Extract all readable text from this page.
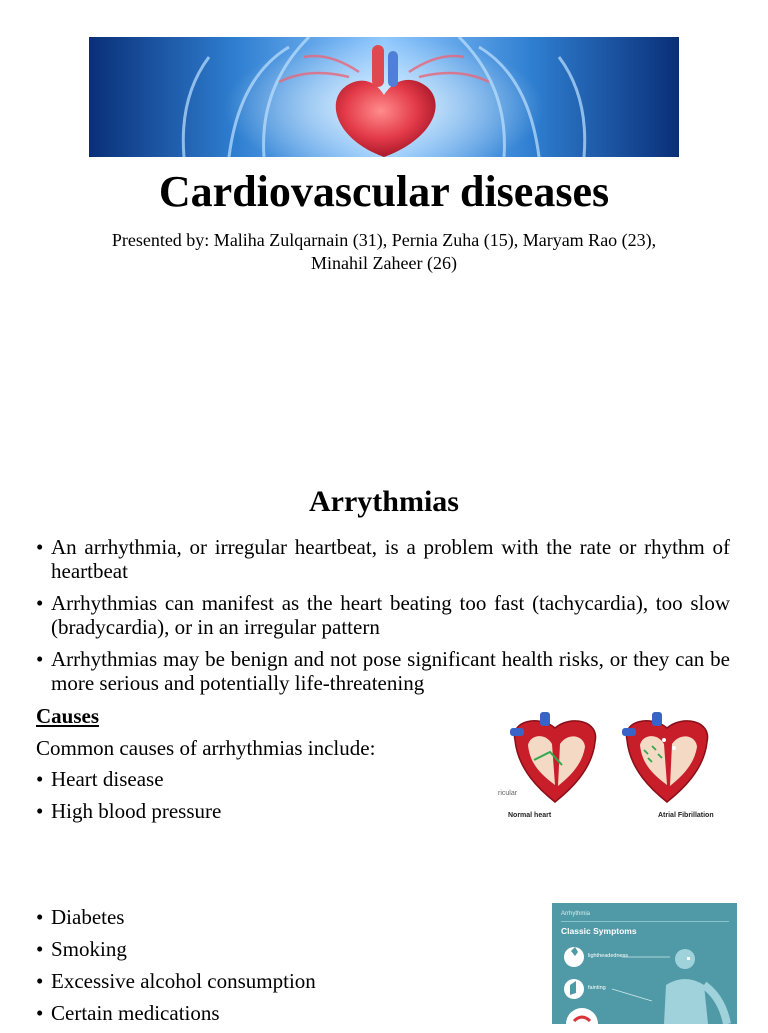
Cardiovascular diseases
Presented by: Maliha Zulqarnain (31), Pernia Zuha (15), Maryam Rao (23), Minahil Zaheer (26)
Arrythmias
• An arrhythmia, or irregular heartbeat, is a problem with the rate or rhythm of heartbeat
• Arrhythmias can manifest as the heart beating too fast (tachycardia), too slow (bradycardia), or in an irregular pattern
• Arrhythmias may be benign and not pose significant health risks, or they can be more serious and potentially life-threatening
Causes
Common causes of arrhythmias include:
• Heart disease
• High blood pressure
ricular
Normal heart	Atrial Fibrillation
• Diabetes
• Smoking
• Excessive alcohol consumption
• Certain medications
Arrhythmia
Classic Symptoms
lightheadedness
fainting
